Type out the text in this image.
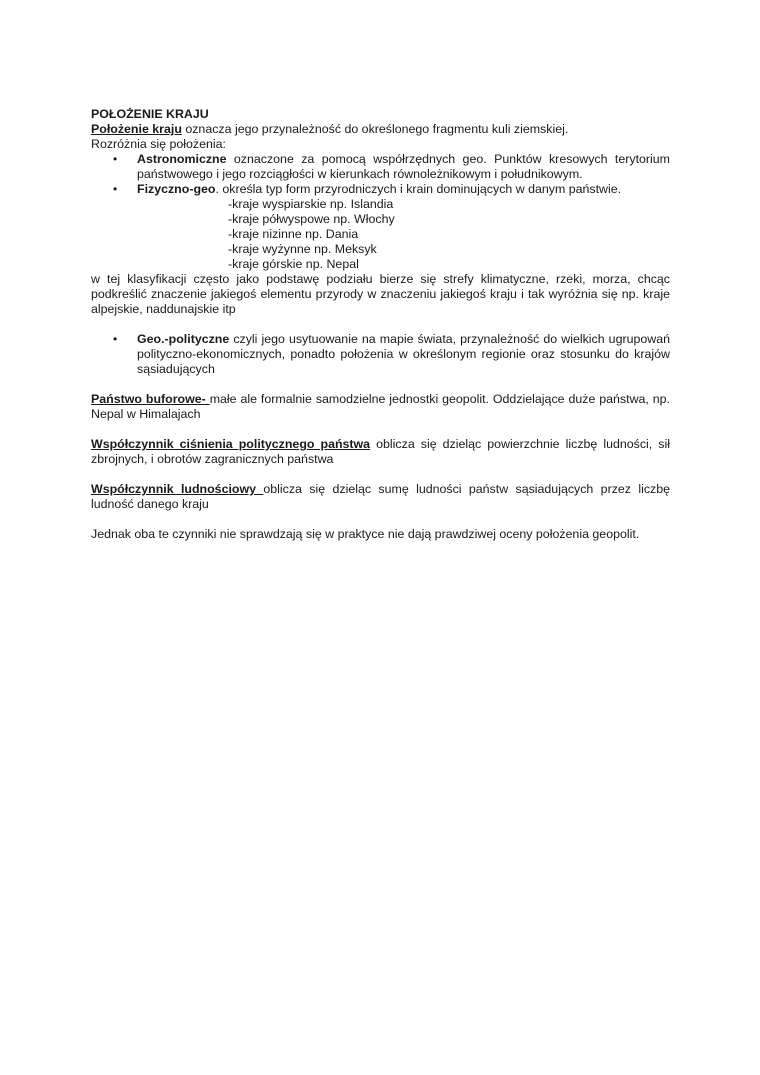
POŁOŻENIE KRAJU

Położenie kraju oznacza jego przynależność do określonego fragmentu kuli ziemskiej.

Rozróżnia się położenia:

• Astronomiczne oznaczone za pomocą współrzędnych geo. Punktów kresowych terytorium państwowego i jego rozciągłości w kierunkach równoleżnikowym i południkowym.
• Fizyczno-geo. określa typ form przyrodniczych i krain dominujących w danym państwie.

-kraje wyspiarskie np. Islandia

-kraje półwyspowe np. Włochy

-kraje nizinne np. Dania

-kraje wyżynne np. Meksyk

-kraje górskie np. Nepal

w tej klasyfikacji często jako podstawę podziału bierze się strefy klimatyczne, rzeki, morza, chcąc podkreślić znaczenie jakiegoś elementu przyrody w znaczeniu jakiegoś kraju i tak wyróżnia się np. kraje alpejskie, naddunajskie itp

• Geo.-polityczne czyli jego usytuowanie na mapie świata, przynależność do wielkich ugrupowań polityczno-ekonomicznych, ponadto położenia w określonym regionie oraz stosunku do krajów sąsiadujących

Państwo buforowe- małe ale formalnie samodzielne jednostki geopolit. Oddzielające duże państwa, np. Nepal w Himalajach

Współczynnik ciśnienia politycznego państwa oblicza się dzieląc powierzchnie liczbę ludności, sił zbrojnych, i obrotów zagranicznych państwa

Współczynnik ludnościowy oblicza się dzieląc sumę ludności państw sąsiadujących przez liczbę ludność danego kraju

Jednak oba te czynniki nie sprawdzają się w praktyce nie dają prawdziwej oceny położenia geopolit.
